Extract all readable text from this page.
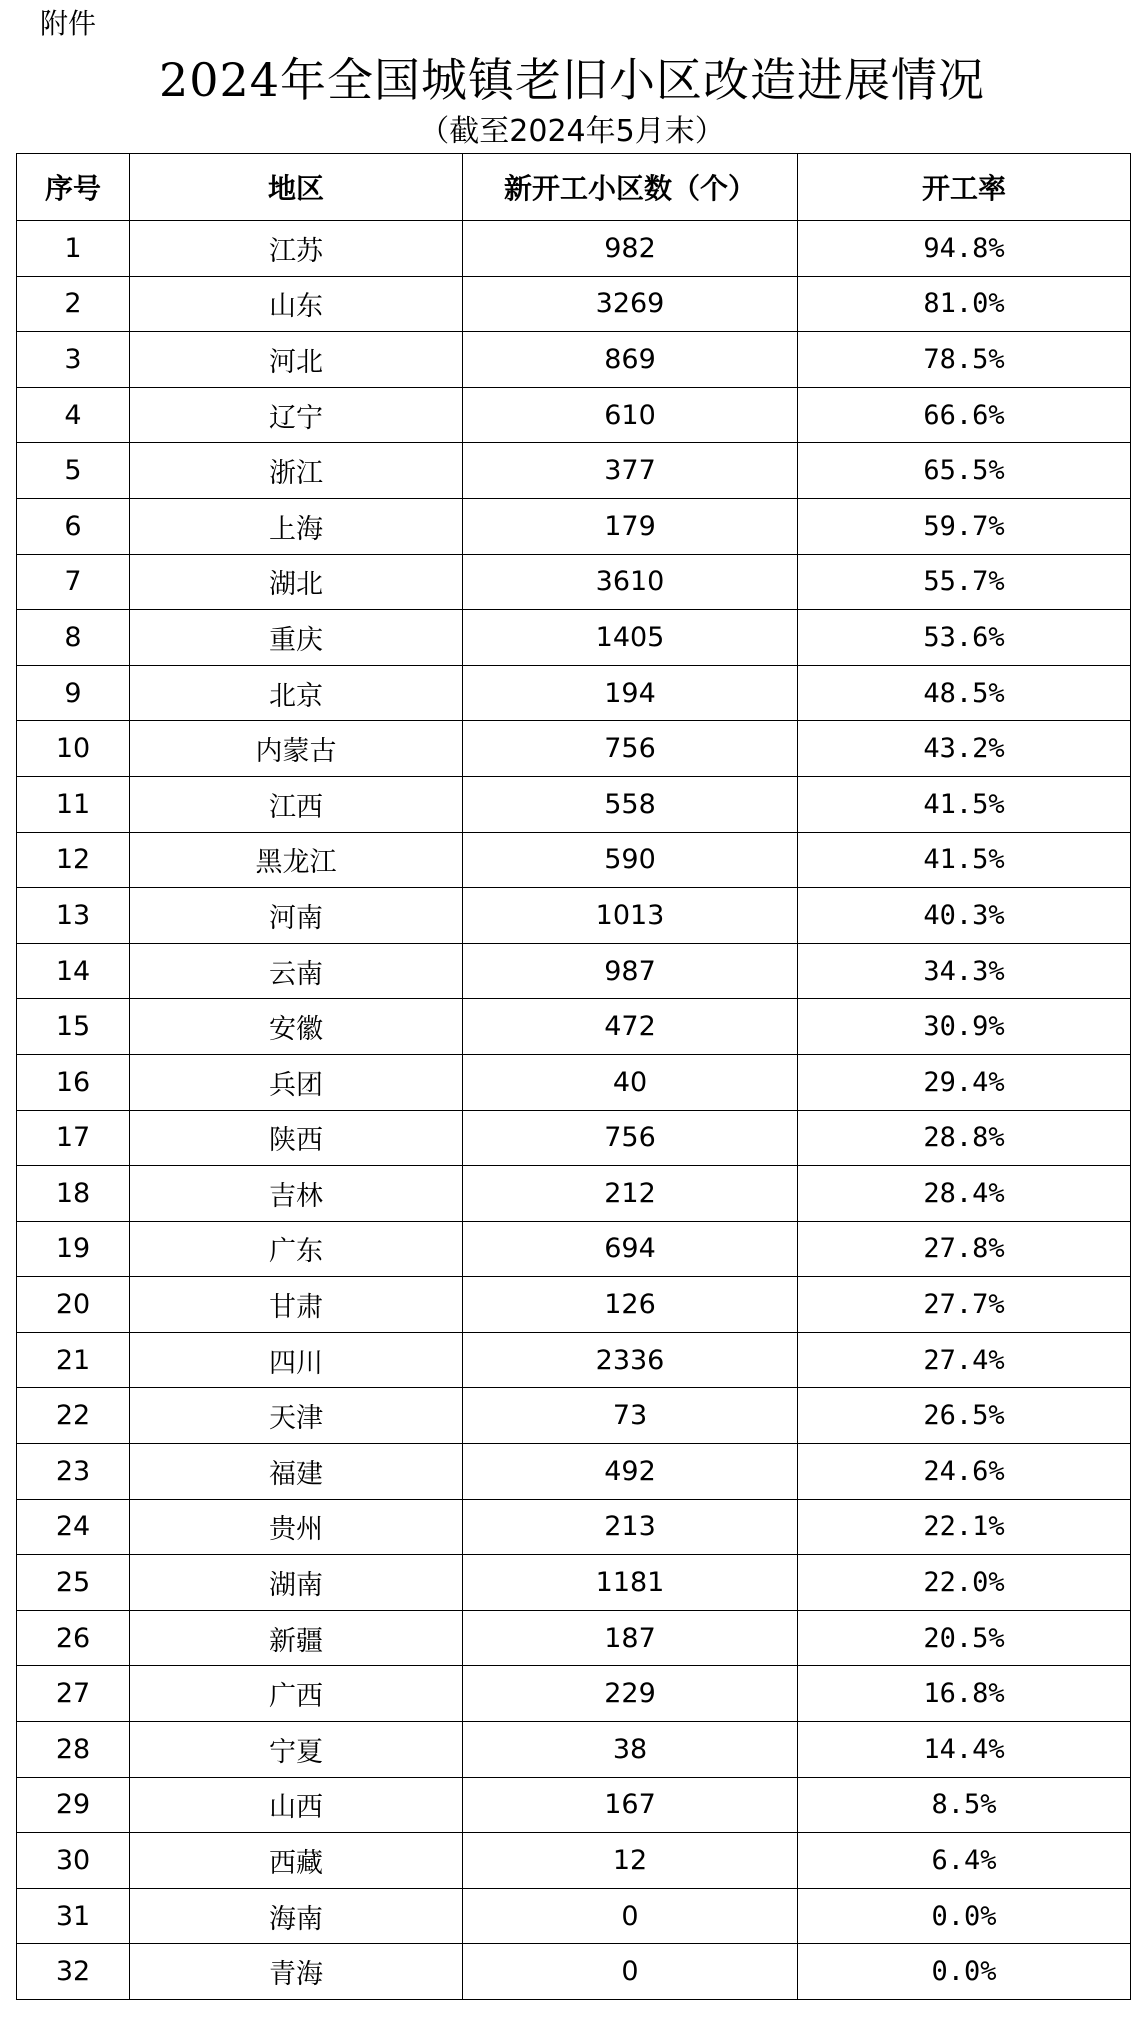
附件
2024年全国城镇老旧小区改造进展情况
（截至2024年5月末）
序号	地区	新开工小区数（个）	开工率
1	江苏	982	94.8%
2	山东	3269	81.0%
3	河北	869	78.5%
4	辽宁	610	66.6%
5	浙江	377	65.5%
6	上海	179	59.7%
7	湖北	3610	55.7%
8	重庆	1405	53.6%
9	北京	194	48.5%
10	内蒙古	756	43.2%
11	江西	558	41.5%
12	黑龙江	590	41.5%
13	河南	1013	40.3%
14	云南	987	34.3%
15	安徽	472	30.9%
16	兵团	40	29.4%
17	陕西	756	28.8%
18	吉林	212	28.4%
19	广东	694	27.8%
20	甘肃	126	27.7%
21	四川	2336	27.4%
22	天津	73	26.5%
23	福建	492	24.6%
24	贵州	213	22.1%
25	湖南	1181	22.0%
26	新疆	187	20.5%
27	广西	229	16.8%
28	宁夏	38	14.4%
29	山西	167	8.5%
30	西藏	12	6.4%
31	海南	0	0.0%
32	青海	0	0.0%
